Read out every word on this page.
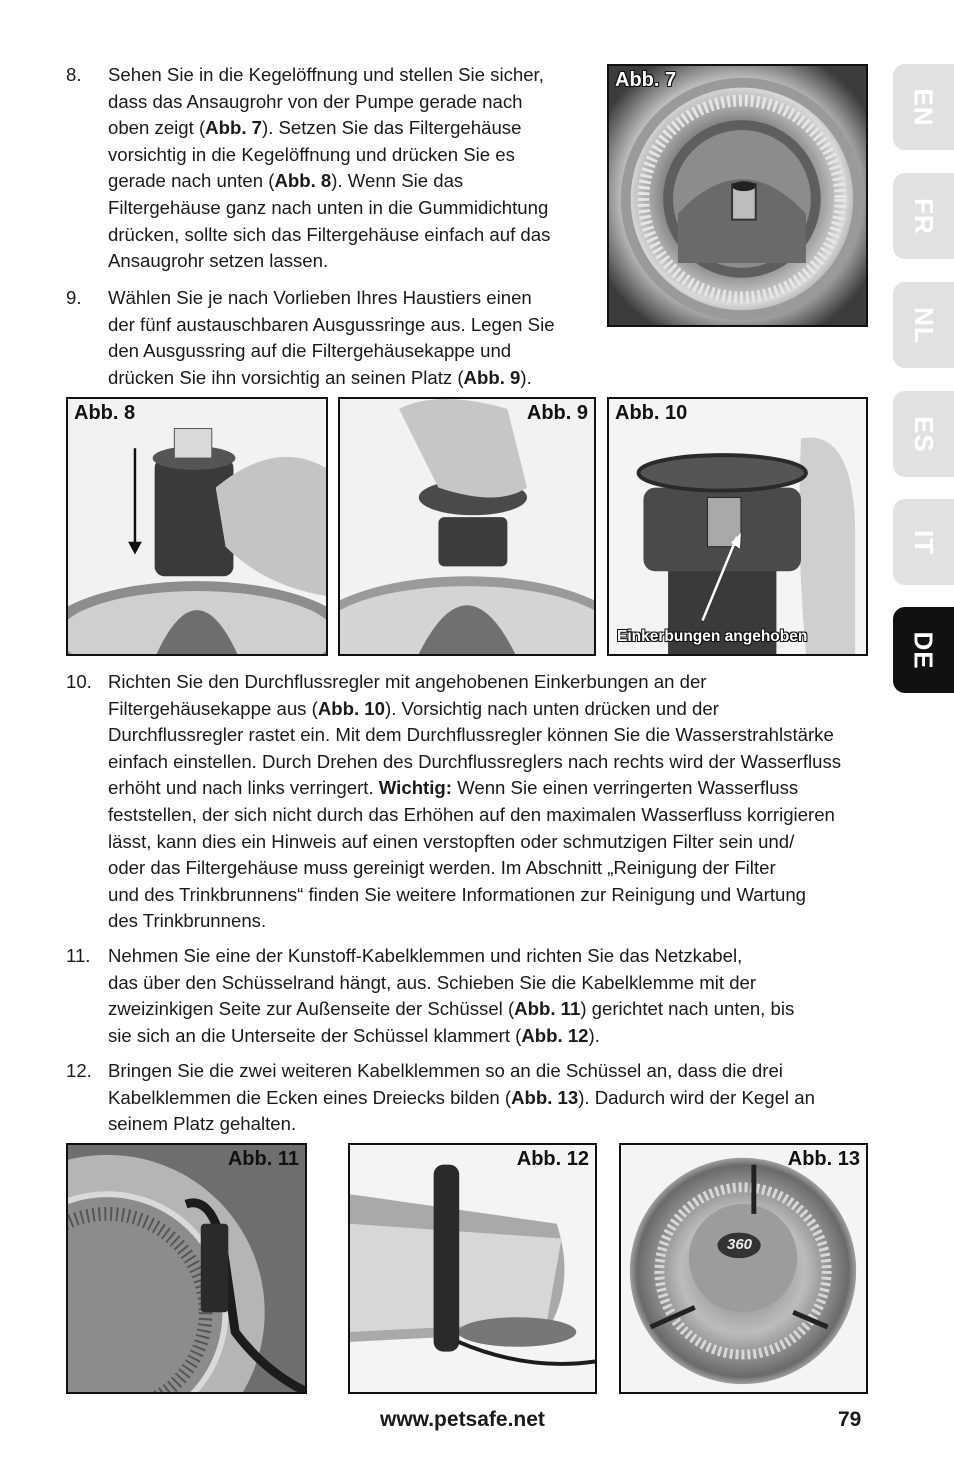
8. Sehen Sie in die Kegelöffnung und stellen Sie sicher,
dass das Ansaugrohr von der Pumpe gerade nach
oben zeigt (Abb. 7). Setzen Sie das Filtergehäuse
vorsichtig in die Kegelöffnung und drücken Sie es
gerade nach unten (Abb. 8). Wenn Sie das
Filtergehäuse ganz nach unten in die Gummidichtung
drücken, sollte sich das Filtergehäuse einfach auf das
Ansaugrohr setzen lassen.
9. Wählen Sie je nach Vorlieben Ihres Haustiers einen
der fünf austauschbaren Ausgussringe aus. Legen Sie
den Ausgussring auf die Filtergehäusekappe und
drücken Sie ihn vorsichtig an seinen Platz (Abb. 9).
10. Richten Sie den Durchflussregler mit angehobenen Einkerbungen an der
Filtergehäusekappe aus (Abb. 10). Vorsichtig nach unten drücken und der
Durchflussregler rastet ein. Mit dem Durchflussregler können Sie die Wasserstrahlstärke
einfach einstellen. Durch Drehen des Durchflussreglers nach rechts wird der Wasserfluss
erhöht und nach links verringert. Wichtig: Wenn Sie einen verringerten Wasserfluss
feststellen, der sich nicht durch das Erhöhen auf den maximalen Wasserfluss korrigieren
lässt, kann dies ein Hinweis auf einen verstopften oder schmutzigen Filter sein und/
oder das Filtergehäuse muss gereinigt werden. Im Abschnitt „Reinigung der Filter
und des Trinkbrunnens“ finden Sie weitere Informationen zur Reinigung und Wartung
des Trinkbrunnens.
11. Nehmen Sie eine der Kunstoff-Kabelklemmen und richten Sie das Netzkabel,
das über den Schüsselrand hängt, aus. Schieben Sie die Kabelklemme mit der
zweizinkigen Seite zur Außenseite der Schüssel (Abb. 11) gerichtet nach unten, bis
sie sich an die Unterseite der Schüssel klammert (Abb. 12).
12. Bringen Sie die zwei weiteren Kabelklemmen so an die Schüssel an, dass die drei
Kabelklemmen die Ecken eines Dreiecks bilden (Abb. 13). Dadurch wird der Kegel an
seinem Platz gehalten.
Abb. 7
Abb. 8	Abb. 9 Abb. 10
Einkerbungen angehoben
Abb. 11	Abb. 12
360
Abb. 13
EN
FR
NL
ES
IT
DE
www.petsafe.net	79
